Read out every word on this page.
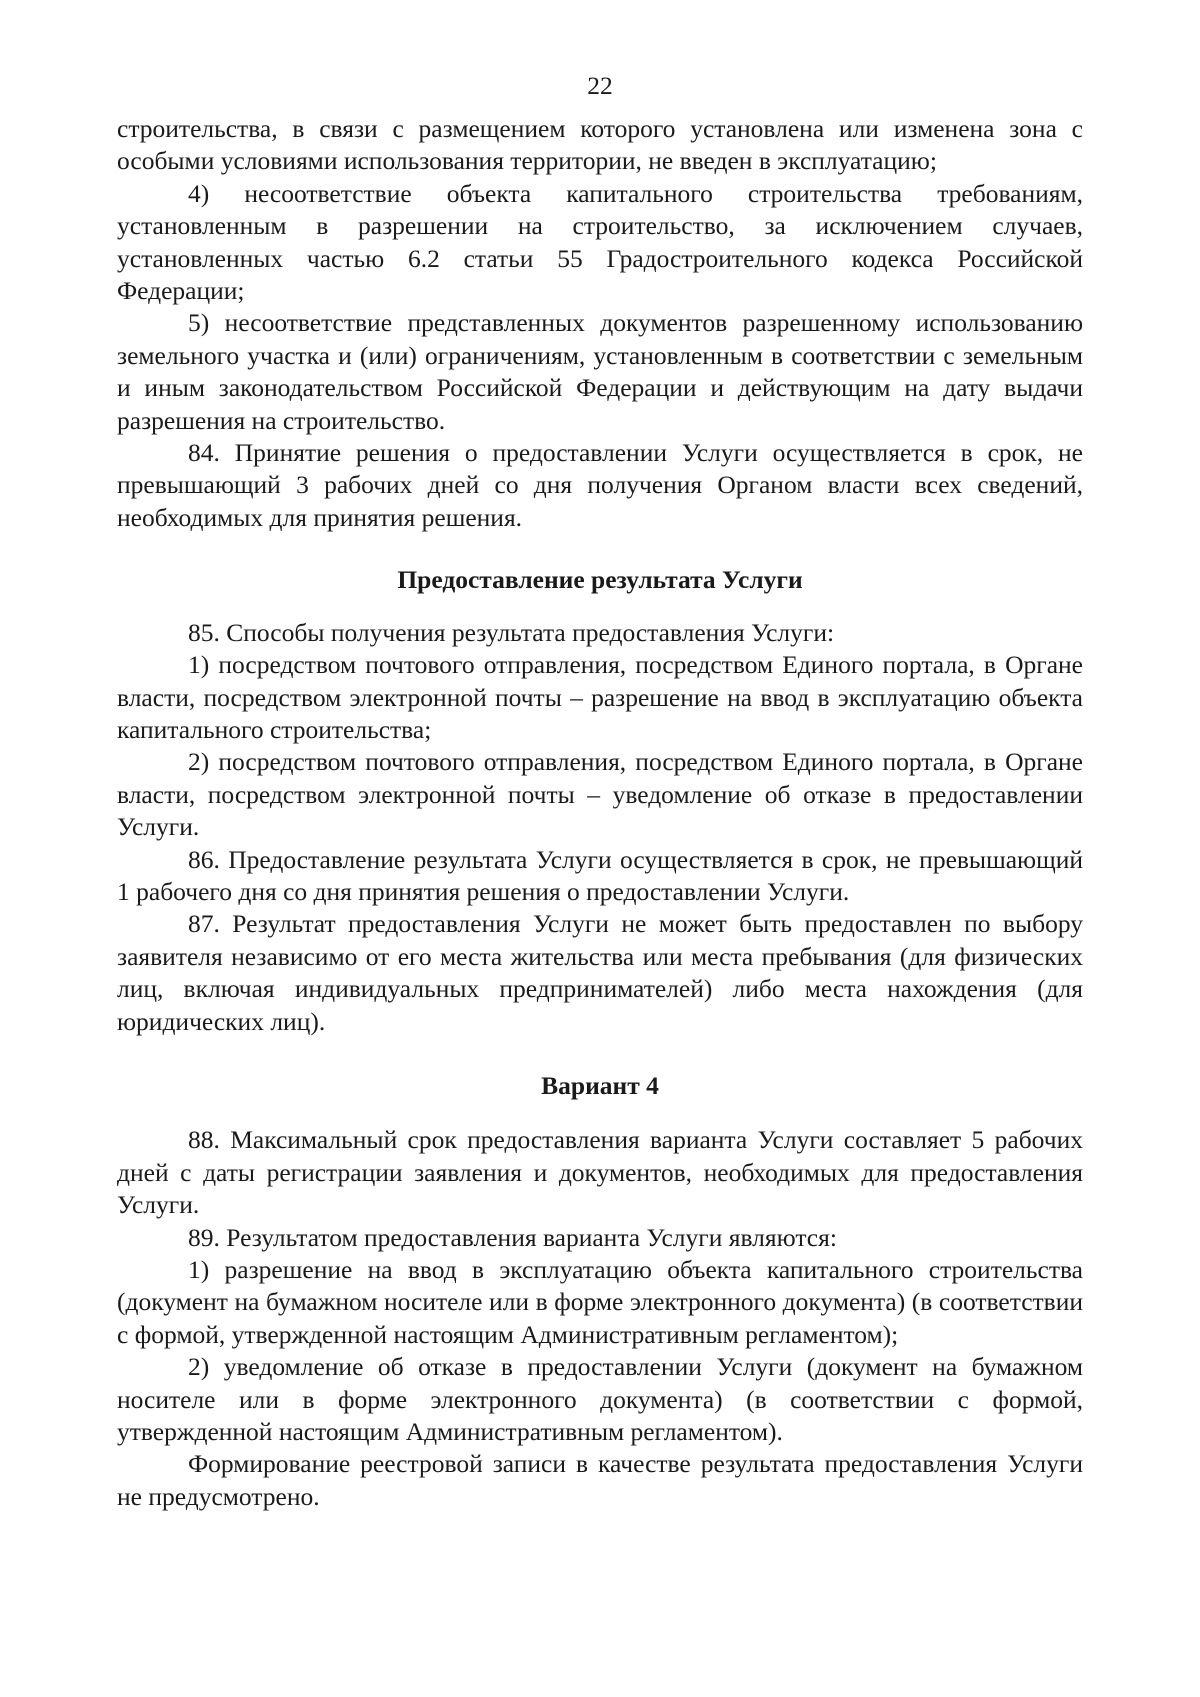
22

строительства, в связи с размещением которого установлена или изменена зона с особыми условиями использования территории, не введен в эксплуатацию;

4) несоответствие объекта капитального строительства требованиям, установленным в разрешении на строительство, за исключением случаев, установленных частью 6.2 статьи 55 Градостроительного кодекса Российской Федерации;

5) несоответствие представленных документов разрешенному использованию земельного участка и (или) ограничениям, установленным в соответствии с земельным и иным законодательством Российской Федерации и действующим на дату выдачи разрешения на строительство.

84. Принятие решения о предоставлении Услуги осуществляется в срок, не превышающий 3 рабочих дней со дня получения Органом власти всех сведений, необходимых для принятия решения.

Предоставление результата Услуги

85. Способы получения результата предоставления Услуги:

1) посредством почтового отправления, посредством Единого портала, в Органе власти, посредством электронной почты – разрешение на ввод в эксплуатацию объекта капитального строительства;

2) посредством почтового отправления, посредством Единого портала, в Органе власти, посредством электронной почты – уведомление об отказе в предоставлении Услуги.

86. Предоставление результата Услуги осуществляется в срок, не превышающий 1 рабочего дня со дня принятия решения о предоставлении Услуги.

87. Результат предоставления Услуги не может быть предоставлен по выбору заявителя независимо от его места жительства или места пребывания (для физических лиц, включая индивидуальных предпринимателей) либо места нахождения (для юридических лиц).

Вариант 4

88. Максимальный срок предоставления варианта Услуги составляет 5 рабочих дней с даты регистрации заявления и документов, необходимых для предоставления Услуги.

89. Результатом предоставления варианта Услуги являются:

1) разрешение на ввод в эксплуатацию объекта капитального строительства (документ на бумажном носителе или в форме электронного документа) (в соответствии с формой, утвержденной настоящим Административным регламентом);

2) уведомление об отказе в предоставлении Услуги (документ на бумажном носителе или в форме электронного документа) (в соответствии с формой, утвержденной настоящим Административным регламентом).

Формирование реестровой записи в качестве результата предоставления Услуги не предусмотрено.
